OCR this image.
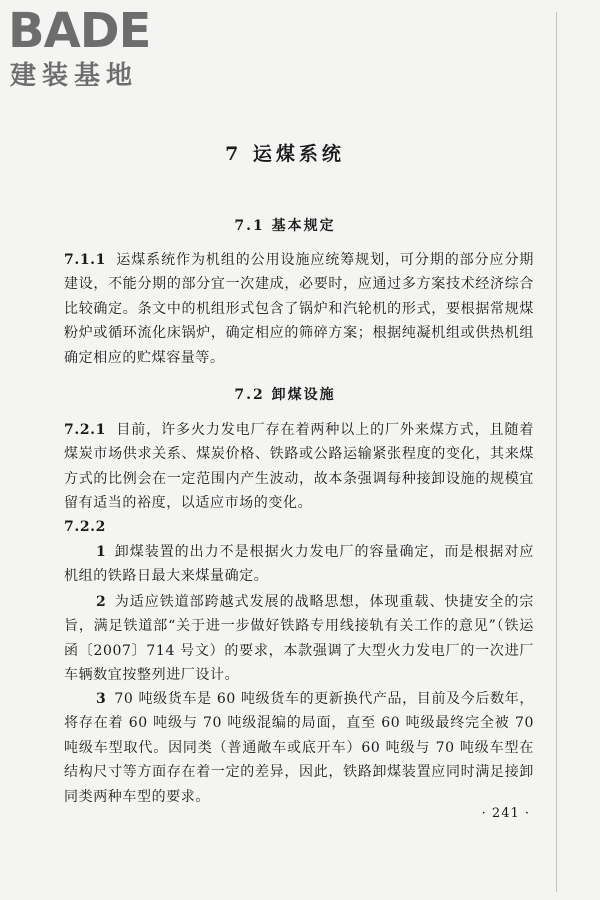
BADE
建装基地
7 运煤系统
7.1 基本规定
7.1.1 运煤系统作为机组的公用设施应统筹规划，可分期的部分应分期建设，不能分期的部分宜一次建成，必要时，应通过多方案技术经济综合比较确定。条文中的机组形式包含了锅炉和汽轮机的形式，要根据常规煤粉炉或循环流化床锅炉，确定相应的筛碎方案；根据纯凝机组或供热机组确定相应的贮煤容量等。
7.2 卸煤设施
7.2.1 目前，许多火力发电厂存在着两种以上的厂外来煤方式，且随着煤炭市场供求关系、煤炭价格、铁路或公路运输紧张程度的变化，其来煤方式的比例会在一定范围内产生波动，故本条强调每种接卸设施的规模宜留有适当的裕度，以适应市场的变化。
7.2.2
1 卸煤装置的出力不是根据火力发电厂的容量确定，而是根据对应机组的铁路日最大来煤量确定。
2 为适应铁道部跨越式发展的战略思想，体现重载、快捷安全的宗旨，满足铁道部“关于进一步做好铁路专用线接轨有关工作的意见”（铁运函〔2007〕714 号文）的要求，本款强调了大型火力发电厂的一次进厂车辆数宜按整列进厂设计。
3 70 吨级货车是 60 吨级货车的更新换代产品，目前及今后数年，将存在着 60 吨级与 70 吨级混编的局面，直至 60 吨级最终完全被 70 吨级车型取代。因同类（普通敞车或底开车）60 吨级与 70 吨级车型在结构尺寸等方面存在着一定的差异，因此，铁路卸煤装置应同时满足接卸同类两种车型的要求。
· 241 ·
